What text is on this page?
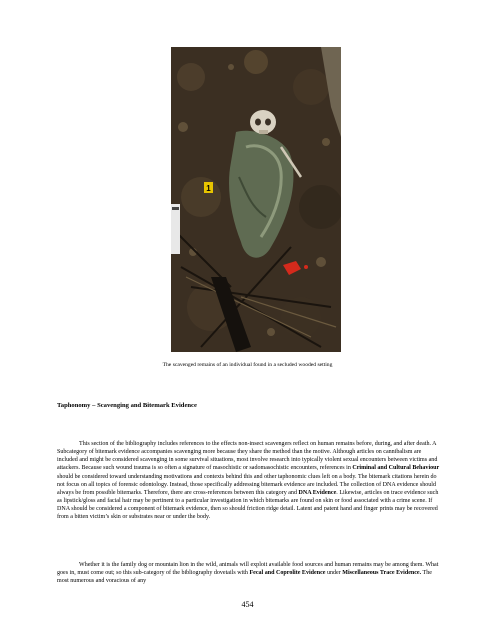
1
The scavenged remains of an individual found in a secluded wooded setting
Taphonomy – Scavenging and Bitemark Evidence

This section of the bibliography includes references to the effects non-insect scavengers reflect on human remains before, during, and after death. A Subcategory of bitemark evidence accompanies scavenging more because they share the method than the motive. Although articles on cannibalism are included and might be considered scavenging in some survival situations, most involve research into typically violent sexual encounters between victims and attackers. Because such wound trauma is so often a signature of masochistic or sadomasochistic encounters, references in Criminal and Cultural Behaviour should be considered toward understanding motivations and contexts behind this and other taphonomic clues left on a body. The bitemark citations herein do not focus on all topics of forensic odontology. Instead, those specifically addressing bitemark evidence are included. The collection of DNA evidence should always be from possible bitemarks. Therefore, there are cross-references between this category and DNA Evidence. Likewise, articles on trace evidence such as lipstick/gloss and facial hair may be pertinent to a particular investigation in which bitemarks are found on skin or food associated with a crime scene. If DNA should be considered a component of bitemark evidence, then so should friction ridge detail. Latent and patent hand and finger prints may be recovered from a bitten victim’s skin or substrates near or under the body.

Whether it is the family dog or mountain lion in the wild, animals will exploit available food sources and human remains may be among them. What goes in, must come out; so this sub-category of the bibliography dovetails with Fecal and Coprolite Evidence under Miscellaneous Trace Evidence. The most numerous and voracious of any

454
